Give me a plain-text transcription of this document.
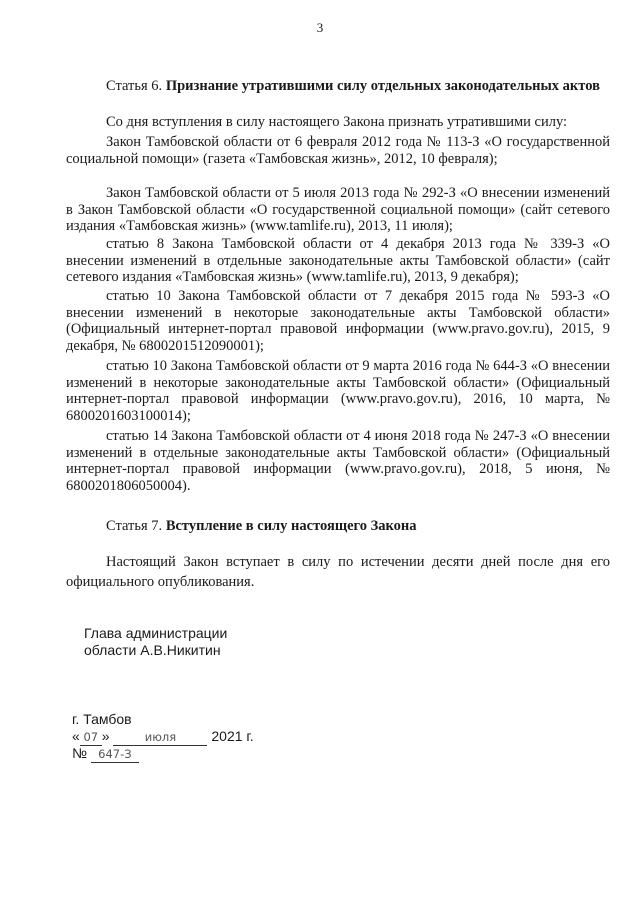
3
Статья 6. Признание утратившими силу отдельных законодательных актов
Со дня вступления в силу настоящего Закона признать утратившими силу:
Закон Тамбовской области от 6 февраля 2012 года № 113-З «О государственной социальной помощи» (газета «Тамбовская жизнь», 2012, 10 февраля);
Закон Тамбовской области от 5 июля 2013 года № 292-З «О внесении изменений в Закон Тамбовской области «О государственной социальной помощи» (сайт сетевого издания «Тамбовская жизнь» (www.tamlife.ru), 2013, 11 июля);
статью 8 Закона Тамбовской области от 4 декабря 2013 года № 339-З «О внесении изменений в отдельные законодательные акты Тамбовской области» (сайт сетевого издания «Тамбовская жизнь» (www.tamlife.ru), 2013, 9 декабря);
статью 10 Закона Тамбовской области от 7 декабря 2015 года № 593-З «О внесении изменений в некоторые законодательные акты Тамбовской области» (Официальный интернет-портал правовой информации (www.pravo.gov.ru), 2015, 9 декабря, № 6800201512090001);
статью 10 Закона Тамбовской области от 9 марта 2016 года № 644-З «О внесении изменений в некоторые законодательные акты Тамбовской области» (Официальный интернет-портал правовой информации (www.pravo.gov.ru), 2016, 10 марта, № 6800201603100014);
статью 14 Закона Тамбовской области от 4 июня 2018 года № 247-З «О внесении изменений в отдельные законодательные акты Тамбовской области» (Официальный интернет-портал правовой информации (www.pravo.gov.ru), 2018, 5 июня, № 6800201806050004).
Статья 7. Вступление в силу настоящего Закона
Настоящий Закон вступает в силу по истечении десяти дней после дня его официального опубликования.
Глава администрации
области А.В.Никитин
г. Тамбов
« 07 »	июля	2021 г.
№ 647-З
